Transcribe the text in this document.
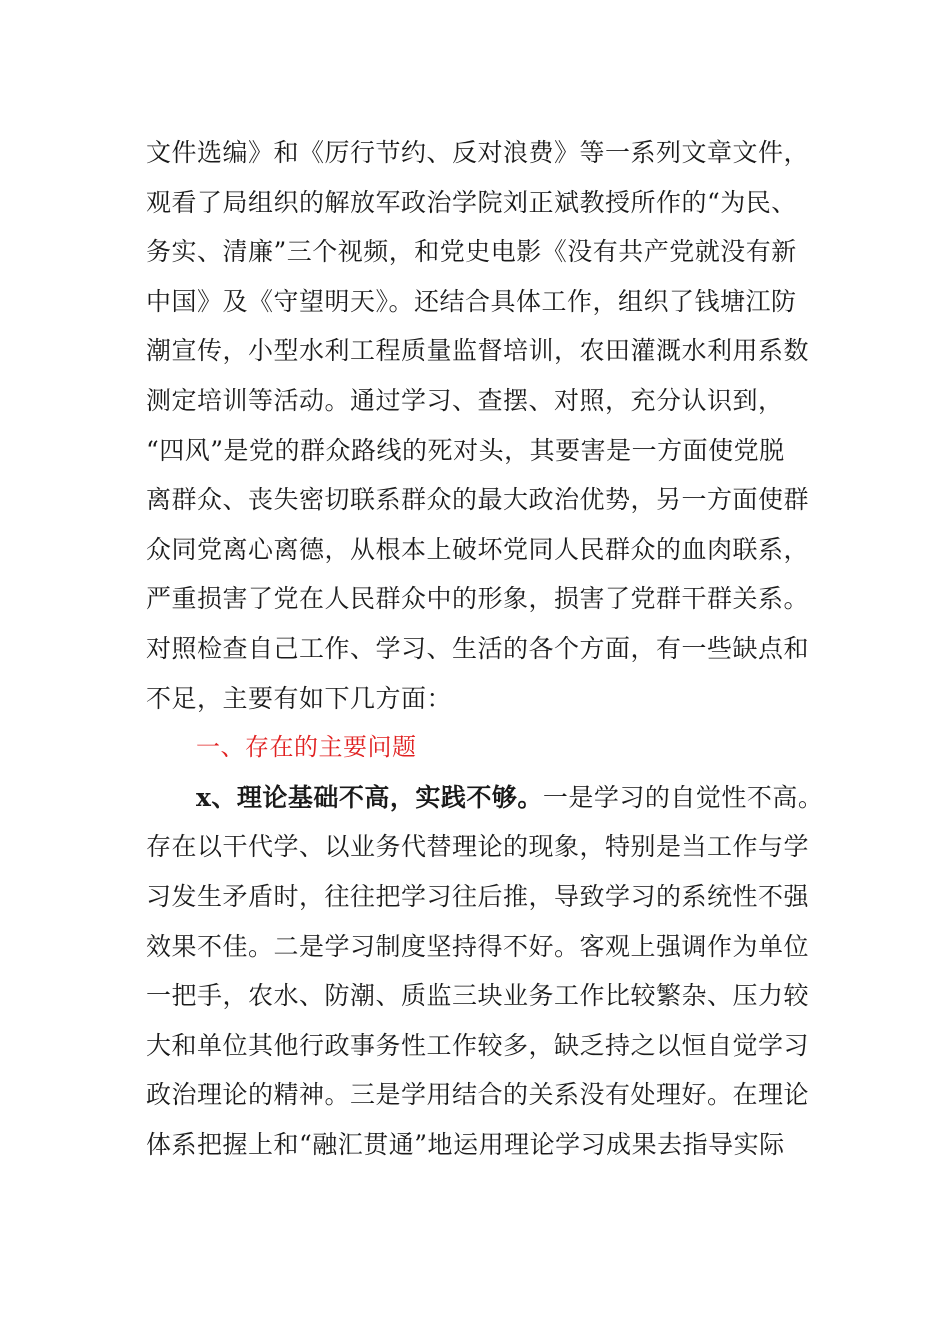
文件选编》和《厉行节约、反对浪费》等一系列文章文件，
观看了局组织的解放军政治学院刘正斌教授所作的“为民、
务实、清廉”三个视频，和党史电影《没有共产党就没有新
中国》及《守望明天》。还结合具体工作，组织了钱塘江防
潮宣传，小型水利工程质量监督培训，农田灌溉水利用系数
测定培训等活动。通过学习、查摆、对照，充分认识到，
“四风”是党的群众路线的死对头，其要害是一方面使党脱
离群众、丧失密切联系群众的最大政治优势，另一方面使群
众同党离心离德，从根本上破坏党同人民群众的血肉联系，
严重损害了党在人民群众中的形象，损害了党群干群关系。
对照检查自己工作、学习、生活的各个方面，有一些缺点和
不足，主要有如下几方面：
一、存在的主要问题
x、理论基础不高，实践不够。一是学习的自觉性不高。
存在以干代学、以业务代替理论的现象，特别是当工作与学
习发生矛盾时，往往把学习往后推，导致学习的系统性不强
效果不佳。二是学习制度坚持得不好。客观上强调作为单位
一把手，农水、防潮、质监三块业务工作比较繁杂、压力较
大和单位其他行政事务性工作较多，缺乏持之以恒自觉学习
政治理论的精神。三是学用结合的关系没有处理好。在理论
体系把握上和“融汇贯通”地运用理论学习成果去指导实际
